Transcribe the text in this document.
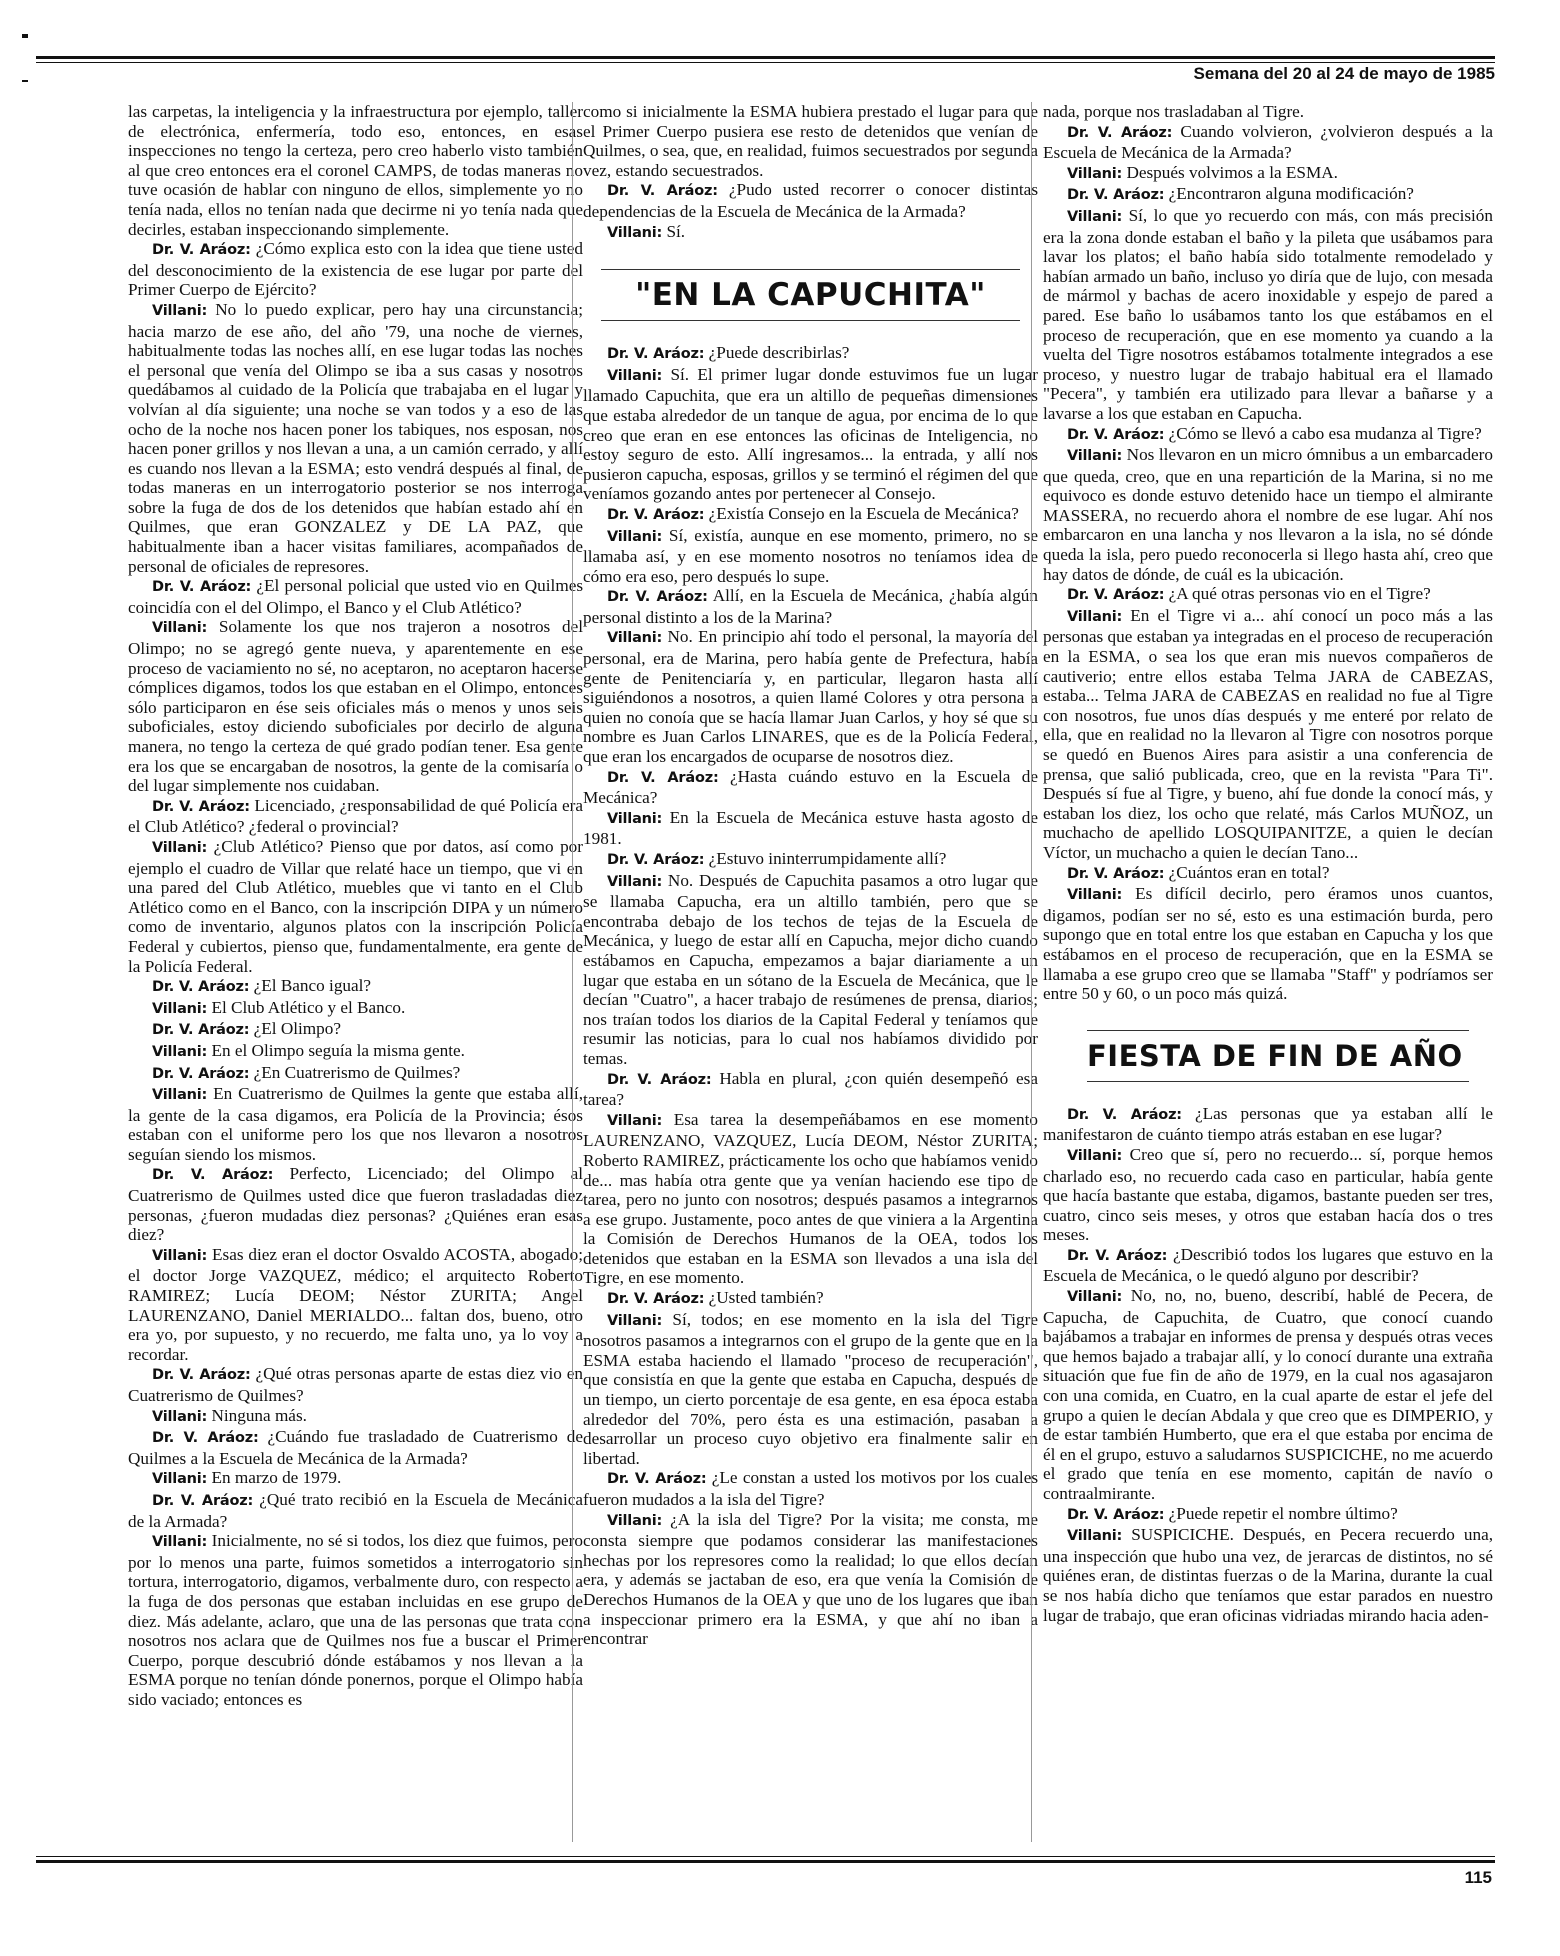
Semana del 20 al 24 de mayo de 1985

las carpetas, la inteligencia y la infraestructura por ejemplo, taller de electrónica, enfermería, todo eso, entonces, en esas inspecciones no tengo la certeza, pero creo haberlo visto también al que creo entonces era el coronel CAMPS, de todas maneras no tuve ocasión de hablar con ninguno de ellos, simplemente yo no tenía nada, ellos no tenían nada que decirme ni yo tenía nada que decirles, estaban inspeccionando simplemente.

Dr. V. Aráoz: ¿Cómo explica esto con la idea que tiene usted del desconocimiento de la existencia de ese lugar por parte del Primer Cuerpo de Ejército?

Villani: No lo puedo explicar, pero hay una circunstancia; hacia marzo de ese año, del año '79, una noche de viernes, habitualmente todas las noches allí, en ese lugar todas las noches el personal que venía del Olimpo se iba a sus casas y nosotros quedábamos al cuidado de la Policía que trabajaba en el lugar y volvían al día siguiente; una noche se van todos y a eso de las ocho de la noche nos hacen poner los tabiques, nos esposan, nos hacen poner grillos y nos llevan a una, a un camión cerrado, y allí es cuando nos llevan a la ESMA; esto vendrá después al final, de todas maneras en un interrogatorio posterior se nos interroga sobre la fuga de dos de los detenidos que habían estado ahí en Quilmes, que eran GONZALEZ y DE LA PAZ, que habitualmente iban a hacer visitas familiares, acompañados de personal de oficiales de represores.

Dr. V. Aráoz: ¿El personal policial que usted vio en Quilmes coincidía con el del Olimpo, el Banco y el Club Atlético?

Villani: Solamente los que nos trajeron a nosotros del Olimpo; no se agregó gente nueva, y aparentemente en ese proceso de vaciamiento no sé, no aceptaron, no aceptaron hacerse cómplices digamos, todos los que estaban en el Olimpo, entonces sólo participaron en ése seis oficiales más o menos y unos seis suboficiales, estoy diciendo suboficiales por decirlo de alguna manera, no tengo la certeza de qué grado podían tener. Esa gente era los que se encargaban de nosotros, la gente de la comisaría o del lugar simplemente nos cuidaban.

Dr. V. Aráoz: Licenciado, ¿responsabilidad de qué Policía era el Club Atlético? ¿federal o provincial?

Villani: ¿Club Atlético? Pienso que por datos, así como por ejemplo el cuadro de Villar que relaté hace un tiempo, que vi en una pared del Club Atlético, muebles que vi tanto en el Club Atlético como en el Banco, con la inscripción DIPA y un número como de inventario, algunos platos con la inscripción Policía Federal y cubiertos, pienso que, fundamentalmente, era gente de la Policía Federal.

Dr. V. Aráoz: ¿El Banco igual?

Villani: El Club Atlético y el Banco.

Dr. V. Aráoz: ¿El Olimpo?

Villani: En el Olimpo seguía la misma gente.

Dr. V. Aráoz: ¿En Cuatrerismo de Quilmes?

Villani: En Cuatrerismo de Quilmes la gente que estaba allí, la gente de la casa digamos, era Policía de la Provincia; ésos estaban con el uniforme pero los que nos llevaron a nosotros seguían siendo los mismos.

Dr. V. Aráoz: Perfecto, Licenciado; del Olimpo al Cuatrerismo de Quilmes usted dice que fueron trasladadas diez personas, ¿fueron mudadas diez personas? ¿Quiénes eran esas diez?

Villani: Esas diez eran el doctor Osvaldo ACOSTA, abogado; el doctor Jorge VAZQUEZ, médico; el arquitecto Roberto RAMIREZ; Lucía DEOM; Néstor ZURITA; Angel LAURENZANO, Daniel MERIALDO... faltan dos, bueno, otro era yo, por supuesto, y no recuerdo, me falta uno, ya lo voy a recordar.

Dr. V. Aráoz: ¿Qué otras personas aparte de estas diez vio en Cuatrerismo de Quilmes?

Villani: Ninguna más.

Dr. V. Aráoz: ¿Cuándo fue trasladado de Cuatrerismo de Quilmes a la Escuela de Mecánica de la Armada?

Villani: En marzo de 1979.

Dr. V. Aráoz: ¿Qué trato recibió en la Escuela de Mecánica de la Armada?

Villani: Inicialmente, no sé si todos, los diez que fuimos, pero por lo menos una parte, fuimos sometidos a interrogatorio sin tortura, interrogatorio, digamos, verbalmente duro, con respecto a la fuga de dos personas que estaban incluidas en ese grupo de diez. Más adelante, aclaro, que una de las personas que trata con nosotros nos aclara que de Quilmes nos fue a buscar el Primer Cuerpo, porque descubrió dónde estábamos y nos llevan a la ESMA porque no tenían dónde ponernos, porque el Olimpo había sido vaciado; entonces es

como si inicialmente la ESMA hubiera prestado el lugar para que el Primer Cuerpo pusiera ese resto de detenidos que venían de Quilmes, o sea, que, en realidad, fuimos secuestrados por segunda vez, estando secuestrados.

Dr. V. Aráoz: ¿Pudo usted recorrer o conocer distintas dependencias de la Escuela de Mecánica de la Armada?

Villani: Sí.

"EN LA CAPUCHITA"

Dr. V. Aráoz: ¿Puede describirlas?

Villani: Sí. El primer lugar donde estuvimos fue un lugar llamado Capuchita, que era un altillo de pequeñas dimensiones que estaba alrededor de un tanque de agua, por encima de lo que creo que eran en ese entonces las oficinas de Inteligencia, no estoy seguro de esto. Allí ingresamos... la entrada, y allí nos pusieron capucha, esposas, grillos y se terminó el régimen del que veníamos gozando antes por pertenecer al Consejo.

Dr. V. Aráoz: ¿Existía Consejo en la Escuela de Mecánica?

Villani: Sí, existía, aunque en ese momento, primero, no se llamaba así, y en ese momento nosotros no teníamos idea de cómo era eso, pero después lo supe.

Dr. V. Aráoz: Allí, en la Escuela de Mecánica, ¿había algún personal distinto a los de la Marina?

Villani: No. En principio ahí todo el personal, la mayoría del personal, era de Marina, pero había gente de Prefectura, había gente de Penitenciaría y, en particular, llegaron hasta allí siguiéndonos a nosotros, a quien llamé Colores y otra persona a quien no conoía que se hacía llamar Juan Carlos, y hoy sé que su nombre es Juan Carlos LINARES, que es de la Policía Federal, que eran los encargados de ocuparse de nosotros diez.

Dr. V. Aráoz: ¿Hasta cuándo estuvo en la Escuela de Mecánica?

Villani: En la Escuela de Mecánica estuve hasta agosto de 1981.

Dr. V. Aráoz: ¿Estuvo ininterrumpidamente allí?

Villani: No. Después de Capuchita pasamos a otro lugar que se llamaba Capucha, era un altillo también, pero que se encontraba debajo de los techos de tejas de la Escuela de Mecánica, y luego de estar allí en Capucha, mejor dicho cuando estábamos en Capucha, empezamos a bajar diariamente a un lugar que estaba en un sótano de la Escuela de Mecánica, que le decían "Cuatro", a hacer trabajo de resúmenes de prensa, diarios; nos traían todos los diarios de la Capital Federal y teníamos que resumir las noticias, para lo cual nos habíamos dividido por temas.

Dr. V. Aráoz: Habla en plural, ¿con quién desempeñó esa tarea?

Villani: Esa tarea la desempeñábamos en ese momento LAURENZANO, VAZQUEZ, Lucía DEOM, Néstor ZURITA; Roberto RAMIREZ, prácticamente los ocho que habíamos venido de... mas había otra gente que ya venían haciendo ese tipo de tarea, pero no junto con nosotros; después pasamos a integrarnos a ese grupo. Justamente, poco antes de que viniera a la Argentina la Comisión de Derechos Humanos de la OEA, todos los detenidos que estaban en la ESMA son llevados a una isla del Tigre, en ese momento.

Dr. V. Aráoz: ¿Usted también?

Villani: Sí, todos; en ese momento en la isla del Tigre nosotros pasamos a integrarnos con el grupo de la gente que en la ESMA estaba haciendo el llamado "proceso de recuperación", que consistía en que la gente que estaba en Capucha, después de un tiempo, un cierto porcentaje de esa gente, en esa época estaba alrededor del 70%, pero ésta es una estimación, pasaban a desarrollar un proceso cuyo objetivo era finalmente salir en libertad.

Dr. V. Aráoz: ¿Le constan a usted los motivos por los cuales fueron mudados a la isla del Tigre?

Villani: ¿A la isla del Tigre? Por la visita; me consta, me consta siempre que podamos considerar las manifestaciones hechas por los represores como la realidad; lo que ellos decían era, y además se jactaban de eso, era que venía la Comisión de Derechos Humanos de la OEA y que uno de los lugares que iban a inspeccionar primero era la ESMA, y que ahí no iban a encontrar

nada, porque nos trasladaban al Tigre.

Dr. V. Aráoz: Cuando volvieron, ¿volvieron después a la Escuela de Mecánica de la Armada?

Villani: Después volvimos a la ESMA.

Dr. V. Aráoz: ¿Encontraron alguna modificación?

Villani: Sí, lo que yo recuerdo con más, con más precisión era la zona donde estaban el baño y la pileta que usábamos para lavar los platos; el baño había sido totalmente remodelado y habían armado un baño, incluso yo diría que de lujo, con mesada de mármol y bachas de acero inoxidable y espejo de pared a pared. Ese baño lo usábamos tanto los que estábamos en el proceso de recuperación, que en ese momento ya cuando a la vuelta del Tigre nosotros estábamos totalmente integrados a ese proceso, y nuestro lugar de trabajo habitual era el llamado "Pecera", y también era utilizado para llevar a bañarse y a lavarse a los que estaban en Capucha.

Dr. V. Aráoz: ¿Cómo se llevó a cabo esa mudanza al Tigre?

Villani: Nos llevaron en un micro ómnibus a un embarcadero que queda, creo, que en una repartición de la Marina, si no me equivoco es donde estuvo detenido hace un tiempo el almirante MASSERA, no recuerdo ahora el nombre de ese lugar. Ahí nos embarcaron en una lancha y nos llevaron a la isla, no sé dónde queda la isla, pero puedo reconocerla si llego hasta ahí, creo que hay datos de dónde, de cuál es la ubicación.

Dr. V. Aráoz: ¿A qué otras personas vio en el Tigre?

Villani: En el Tigre vi a... ahí conocí un poco más a las personas que estaban ya integradas en el proceso de recuperación en la ESMA, o sea los que eran mis nuevos compañeros de cautiverio; entre ellos estaba Telma JARA de CABEZAS, estaba... Telma JARA de CABEZAS en realidad no fue al Tigre con nosotros, fue unos días después y me enteré por relato de ella, que en realidad no la llevaron al Tigre con nosotros porque se quedó en Buenos Aires para asistir a una conferencia de prensa, que salió publicada, creo, que en la revista "Para Ti". Después sí fue al Tigre, y bueno, ahí fue donde la conocí más, y estaban los diez, los ocho que relaté, más Carlos MUÑOZ, un muchacho de apellido LOSQUIPANITZE, a quien le decían Víctor, un muchacho a quien le decían Tano...

Dr. V. Aráoz: ¿Cuántos eran en total?

Villani: Es difícil decirlo, pero éramos unos cuantos, digamos, podían ser no sé, esto es una estimación burda, pero supongo que en total entre los que estaban en Capucha y los que estábamos en el proceso de recuperación, que en la ESMA se llamaba a ese grupo creo que se llamaba "Staff" y podríamos ser entre 50 y 60, o un poco más quizá.

FIESTA DE FIN DE AÑO

Dr. V. Aráoz: ¿Las personas que ya estaban allí le manifestaron de cuánto tiempo atrás estaban en ese lugar?

Villani: Creo que sí, pero no recuerdo... sí, porque hemos charlado eso, no recuerdo cada caso en particular, había gente que hacía bastante que estaba, digamos, bastante pueden ser tres, cuatro, cinco seis meses, y otros que estaban hacía dos o tres meses.

Dr. V. Aráoz: ¿Describió todos los lugares que estuvo en la Escuela de Mecánica, o le quedó alguno por describir?

Villani: No, no, no, bueno, describí, hablé de Pecera, de Capucha, de Capuchita, de Cuatro, que conocí cuando bajábamos a trabajar en informes de prensa y después otras veces que hemos bajado a trabajar allí, y lo conocí durante una extraña situación que fue fin de año de 1979, en la cual nos agasajaron con una comida, en Cuatro, en la cual aparte de estar el jefe del grupo a quien le decían Abdala y que creo que es DIMPERIO, y de estar también Humberto, que era el que estaba por encima de él en el grupo, estuvo a saludarnos SUSPICICHE, no me acuerdo el grado que tenía en ese momento, capitán de navío o contraalmirante.

Dr. V. Aráoz: ¿Puede repetir el nombre último?

Villani: SUSPICICHE. Después, en Pecera recuerdo una, una inspección que hubo una vez, de jerarcas de distintos, no sé quiénes eran, de distintas fuerzas o de la Marina, durante la cual se nos había dicho que teníamos que estar parados en nuestro lugar de trabajo, que eran oficinas vidriadas mirando hacia aden-

115
